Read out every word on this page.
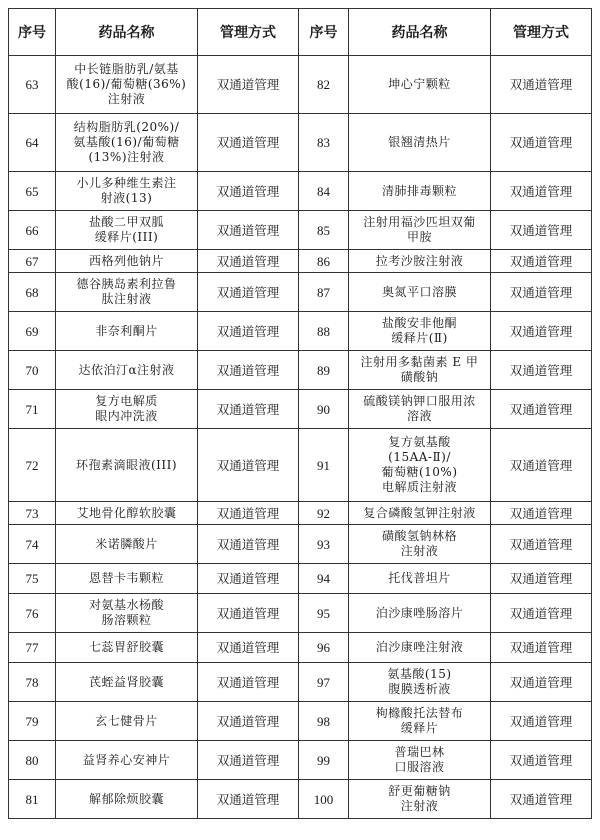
序号	药品名称	管理方式	序号	药品名称	管理方式
63	中长链脂肪乳/氨基
酸(16)/葡萄糖(36%)
注射液	双通道管理	82	坤心宁颗粒	双通道管理
64	结构脂肪乳(20%)/
氨基酸(16)/葡萄糖
(13%)注射液	双通道管理	83	银翘清热片	双通道管理
65	小儿多种维生素注
射液(13)	双通道管理	84	清肺排毒颗粒	双通道管理
66	盐酸二甲双胍
缓释片(III)	双通道管理	85	注射用福沙匹坦双葡
甲胺	双通道管理
67	西格列他钠片	双通道管理	86	拉考沙胺注射液	双通道管理
68	德谷胰岛素利拉鲁
肽注射液	双通道管理	87	奥氮平口溶膜	双通道管理
69	非奈利酮片	双通道管理	88	盐酸安非他酮
缓释片(Ⅱ)	双通道管理
70	达依泊汀α注射液	双通道管理	89	注射用多黏菌素 E 甲
磺酸钠	双通道管理
71	复方电解质
眼内冲洗液	双通道管理	90	硫酸镁钠钾口服用浓
溶液	双通道管理
72	环孢素滴眼液(III)	双通道管理	91	复方氨基酸
(15AA-Ⅱ)/
葡萄糖(10%)
电解质注射液	双通道管理
73	艾地骨化醇软胶囊	双通道管理	92	复合磷酸氢钾注射液	双通道管理
74	米诺膦酸片	双通道管理	93	磺酸氢钠林格
注射液	双通道管理
75	恩替卡韦颗粒	双通道管理	94	托伐普坦片	双通道管理
76	对氨基水杨酸
肠溶颗粒	双通道管理	95	泊沙康唑肠溶片	双通道管理
77	七蕊胃舒胶囊	双通道管理	96	泊沙康唑注射液	双通道管理
78	芪蛭益肾胶囊	双通道管理	97	氨基酸(15)
腹膜透析液	双通道管理
79	玄七健骨片	双通道管理	98	枸橼酸托法替布
缓释片	双通道管理
80	益肾养心安神片	双通道管理	99	普瑞巴林
口服溶液	双通道管理
81	解郁除烦胶囊	双通道管理	100	舒更葡糖钠
注射液	双通道管理
